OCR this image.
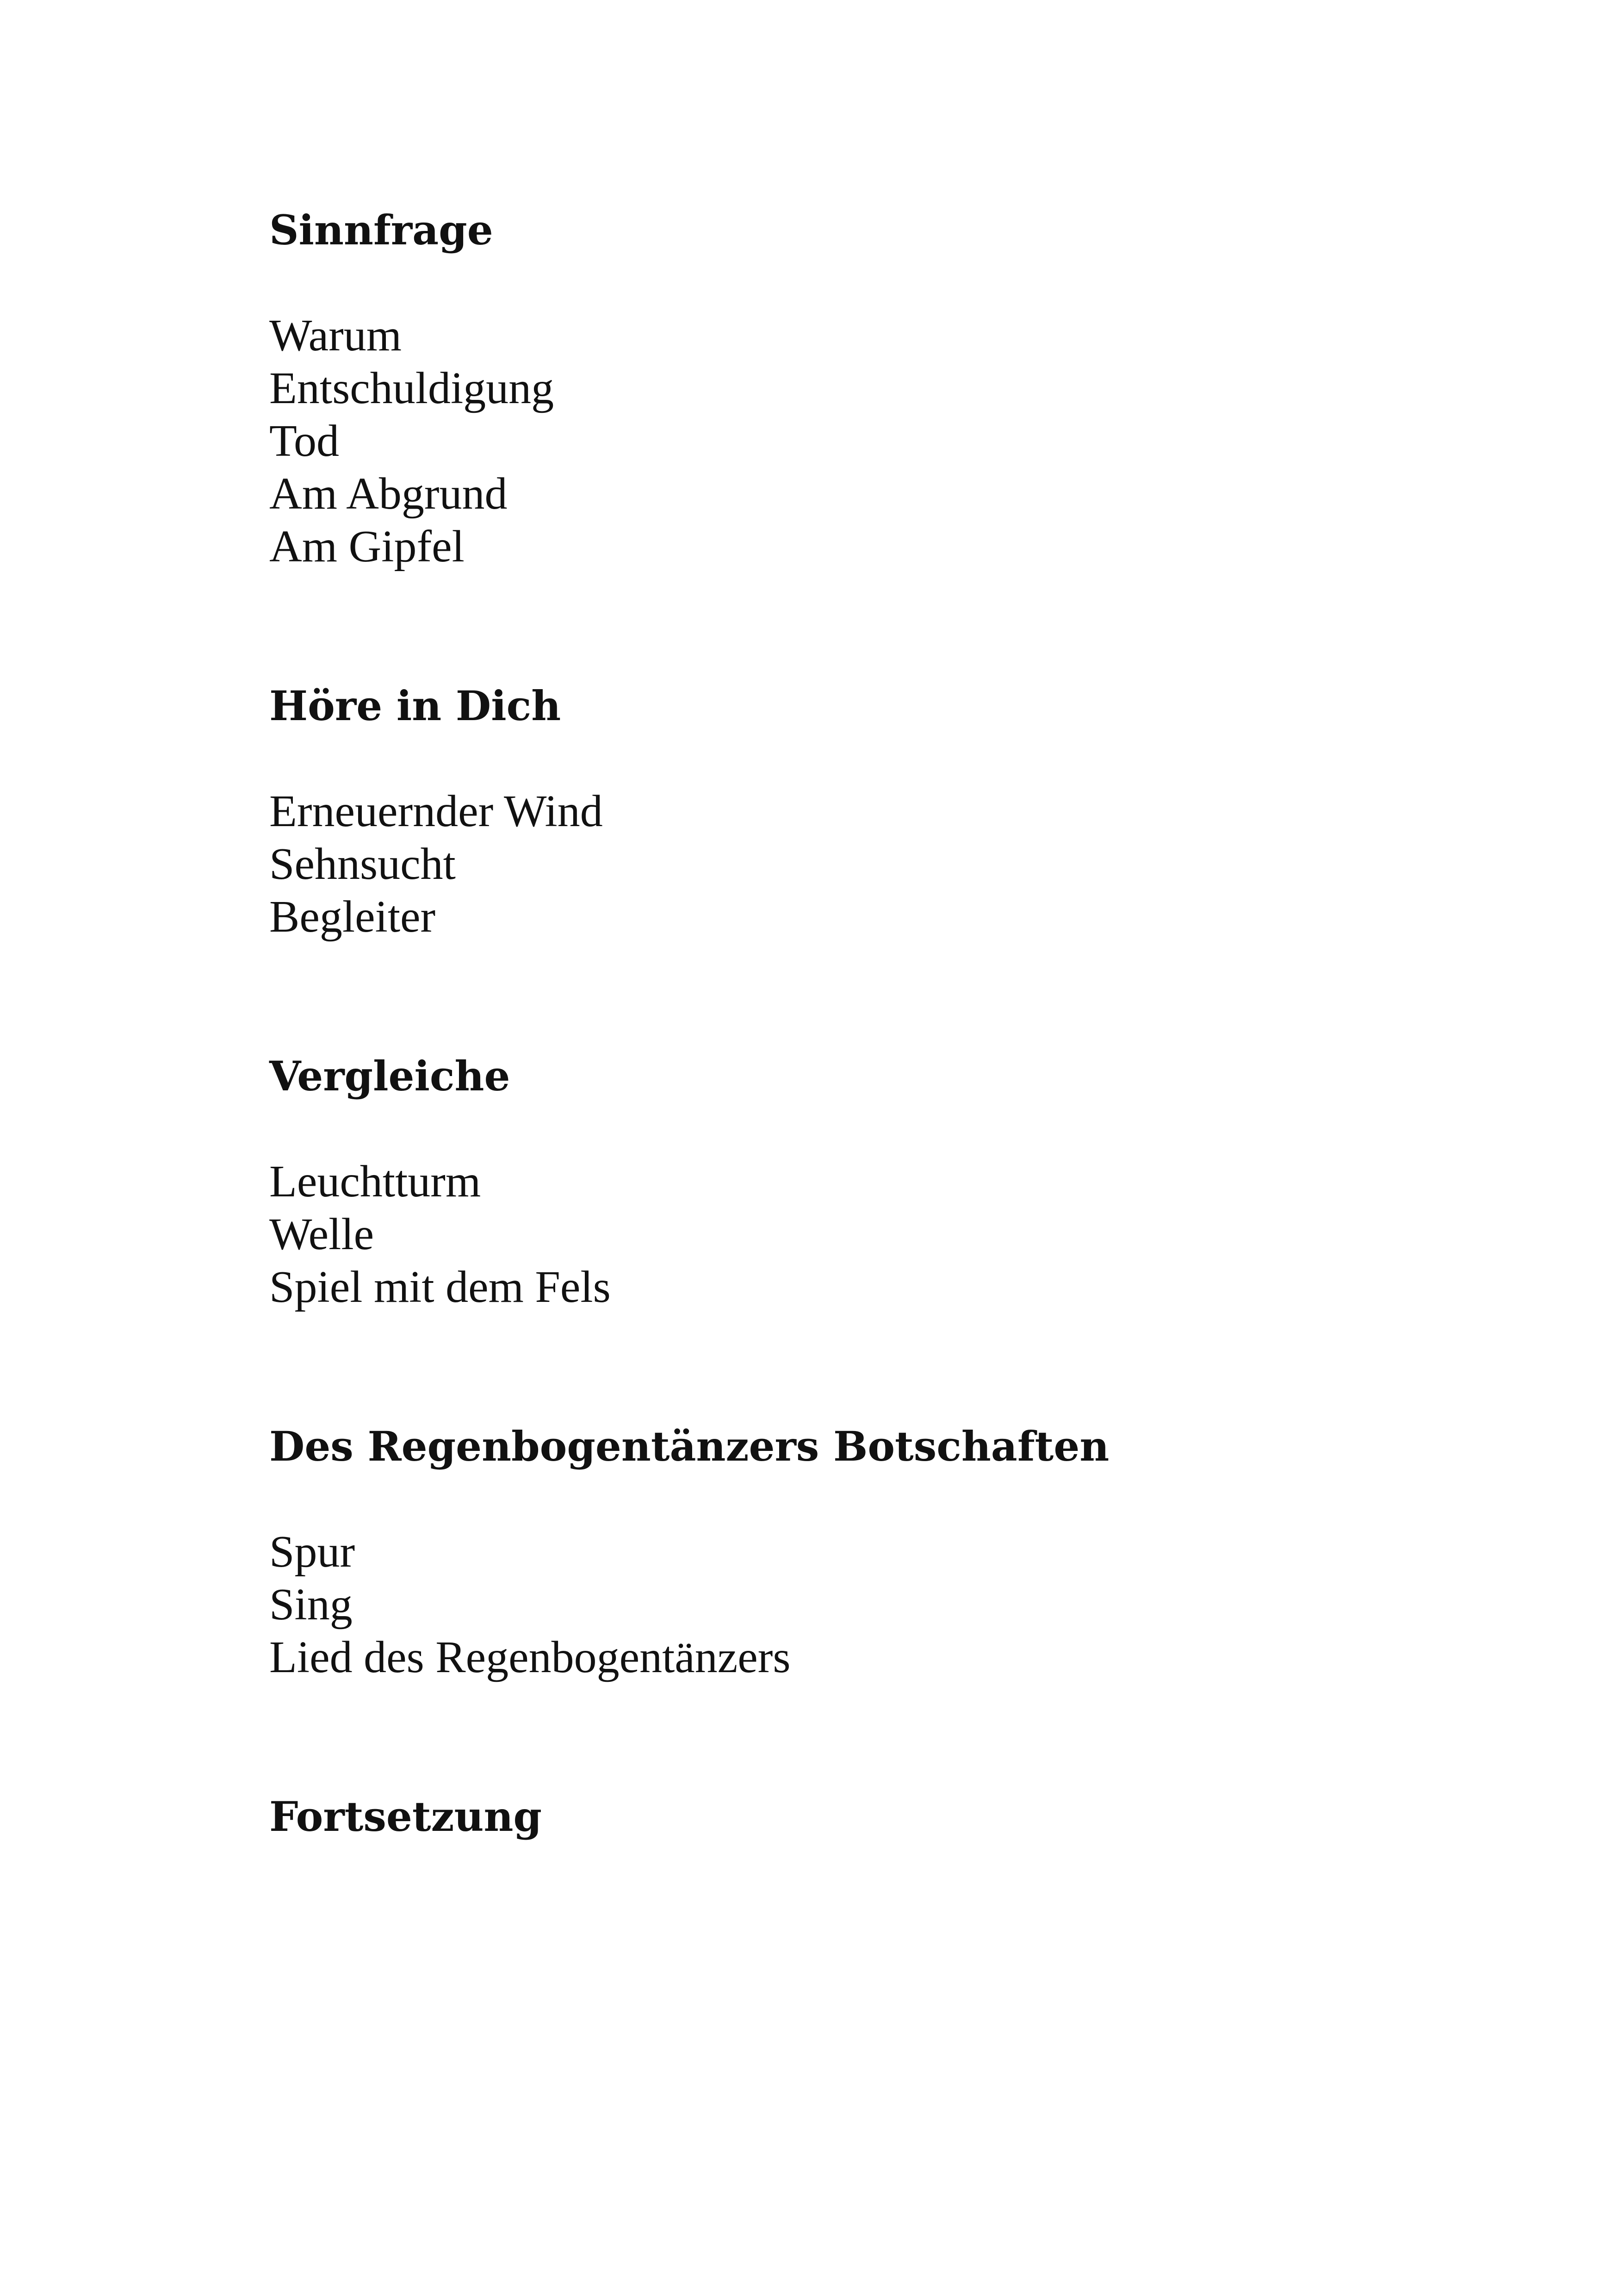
Sinnfrage
Warum
Entschuldigung
Tod
Am Abgrund
Am Gipfel
Höre in Dich
Erneuernder Wind
Sehnsucht
Begleiter
Vergleiche
Leuchtturm
Welle
Spiel mit dem Fels
Des Regenbogentänzers Botschaften
Spur
Sing
Lied des Regenbogentänzers
Fortsetzung
